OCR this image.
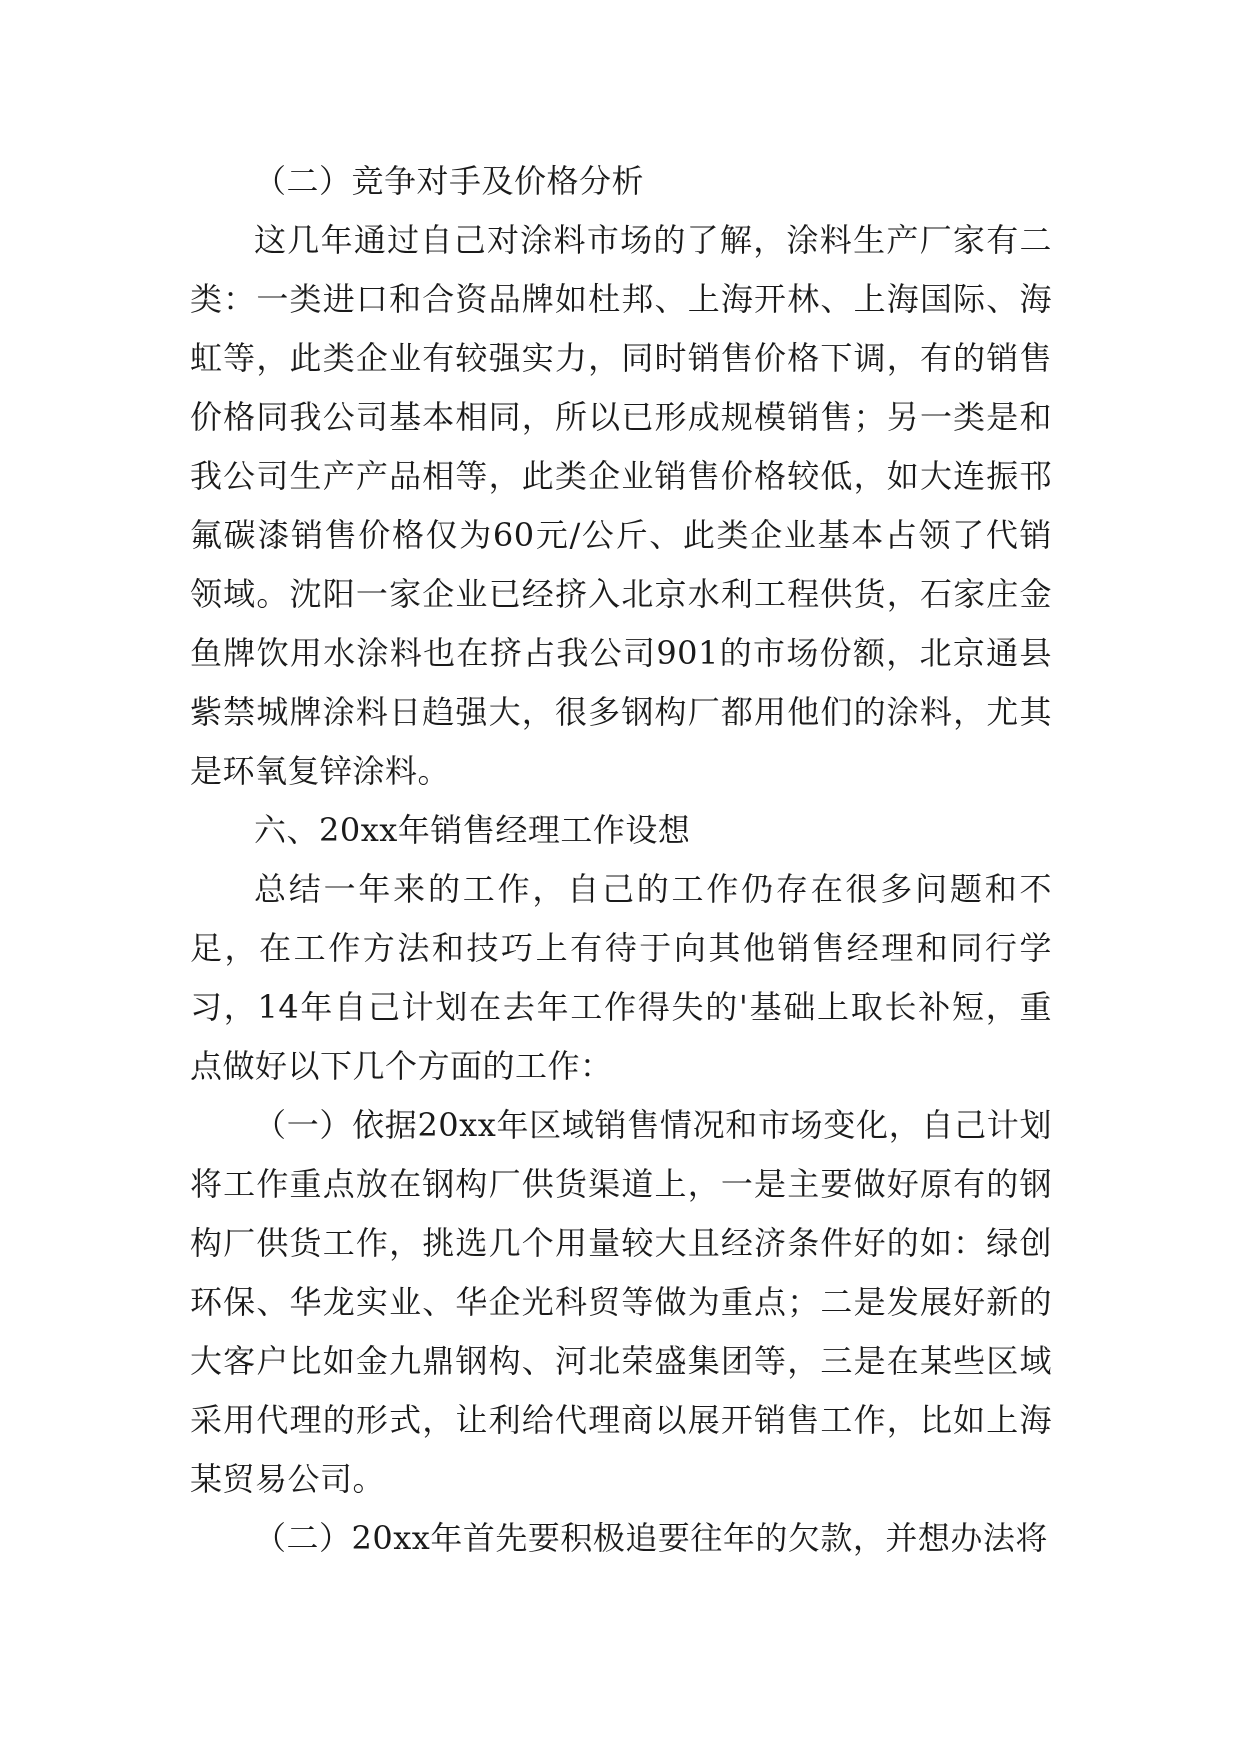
（二）竞争对手及价格分析

这几年通过自己对涂料市场的了解，涂料生产厂家有二类：一类进口和合资品牌如杜邦、上海开林、上海国际、海虹等，此类企业有较强实力，同时销售价格下调，有的销售价格同我公司基本相同，所以已形成规模销售；另一类是和我公司生产产品相等，此类企业销售价格较低，如大连振邗氟碳漆销售价格仅为60元/公斤、此类企业基本占领了代销领域。沈阳一家企业已经挤入北京水利工程供货，石家庄金鱼牌饮用水涂料也在挤占我公司901的市场份额，北京通县紫禁城牌涂料日趋强大，很多钢构厂都用他们的涂料，尤其是环氧复锌涂料。

六、20xx年销售经理工作设想

总结一年来的工作，自己的工作仍存在很多问题和不足，在工作方法和技巧上有待于向其他销售经理和同行学习，14年自己计划在去年工作得失的'基础上取长补短，重点做好以下几个方面的工作：

（一）依据20xx年区域销售情况和市场变化，自己计划将工作重点放在钢构厂供货渠道上，一是主要做好原有的钢构厂供货工作，挑选几个用量较大且经济条件好的如：绿创环保、华龙实业、华企光科贸等做为重点；二是发展好新的大客户比如金九鼎钢构、河北荣盛集团等，三是在某些区域采用代理的形式，让利给代理商以展开销售工作，比如上海某贸易公司。

（二）20xx年首先要积极追要往年的欠款，并想办法将
